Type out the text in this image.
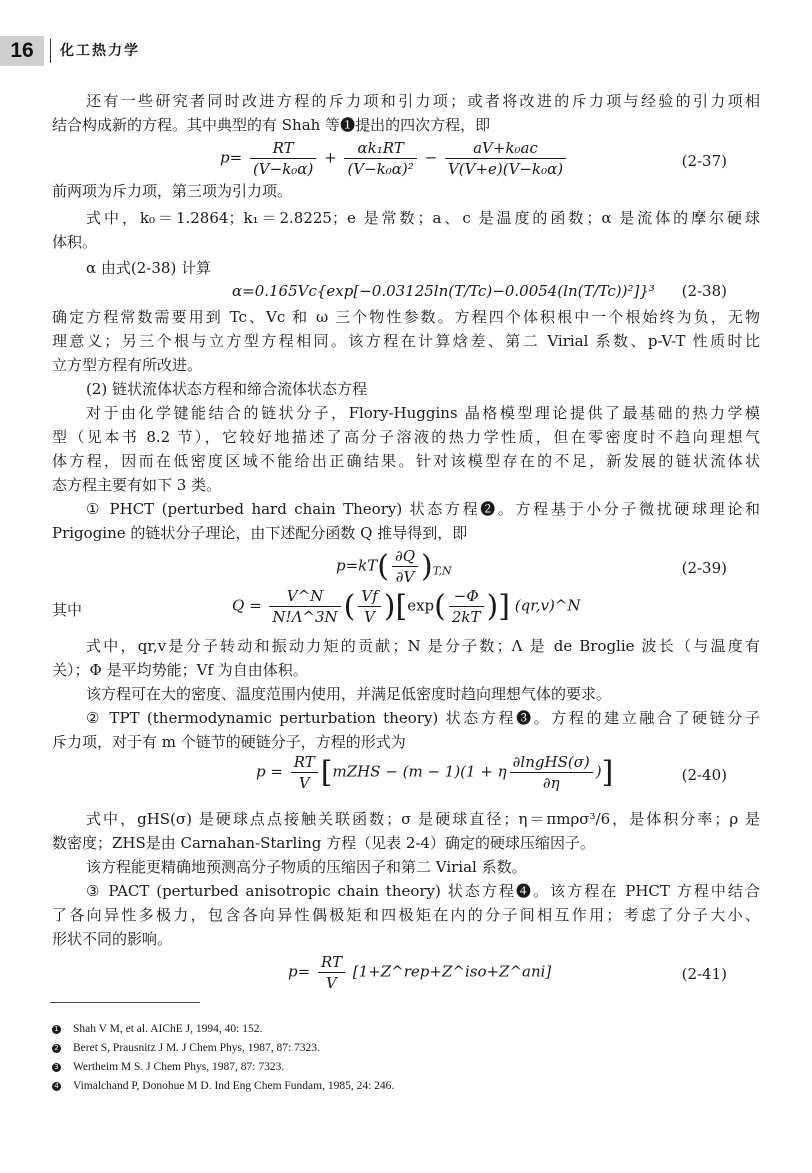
16	化工热力学
还有一些研究者同时改进方程的斥力项和引力项；或者将改进的斥力项与经验的引力项相
结合构成新的方程。其中典型的有 Shah 等❶提出的四次方程，即
前两项为斥力项，第三项为引力项。
式中，k₀＝1.2864；k₁＝2.8225；e 是常数；a、c 是温度的函数；α 是流体的摩尔硬球
体积。
α 由式(2-38) 计算
确定方程常数需要用到 Tc、Vc 和 ω 三个物性参数。方程四个体积根中一个根始终为负，无物
理意义；另三个根与立方型方程相同。该方程在计算焓差、第二 Virial 系数、p-V-T 性质时比
立方型方程有所改进。
(2) 链状流体状态方程和缔合流体状态方程
对于由化学键能结合的链状分子，Flory-Huggins 晶格模型理论提供了最基础的热力学模
型（见本书 8.2 节），它较好地描述了高分子溶液的热力学性质，但在零密度时不趋向理想气
体方程，因而在低密度区域不能给出正确结果。针对该模型存在的不足，新发展的链状流体状
态方程主要有如下 3 类。
① PHCT (perturbed hard chain Theory) 状态方程❷。方程基于小分子微扰硬球理论和
Prigogine 的链状分子理论，由下述配分函数 Q 推导得到，即
其中
式中，qr,v是分子转动和振动力矩的贡献；N 是分子数；Λ 是 de Broglie 波长（与温度有
关）；Φ 是平均势能；Vf 为自由体积。
该方程可在大的密度、温度范围内使用，并满足低密度时趋向理想气体的要求。
② TPT (thermodynamic perturbation theory) 状态方程❸。方程的建立融合了硬链分子
斥力项，对于有 m 个链节的硬链分子，方程的形式为
式中，gHS(σ) 是硬球点点接触关联函数；σ 是硬球直径；η＝πmρσ³/6，是体积分率；ρ 是
数密度；ZHS是由 Carnahan-Starling 方程（见表 2-4）确定的硬球压缩因子。
该方程能更精确地预测高分子物质的压缩因子和第二 Virial 系数。
③ PACT (perturbed anisotropic chain theory) 状态方程❹。该方程在 PHCT 方程中结合
了各向异性多极力，包含各向异性偶极矩和四极矩在内的分子间相互作用；考虑了分子大小、
形状不同的影响。
$p= \frac{RT}{\text{(V−k₀α)}} + \frac{\text{αk₁RT}}{\text{(V−k₀α)²}} - \frac{\text{aV+k₀ac}}{\text{V(V+e)(V−k₀α)}}$	(2-37)
α=0.165Vc{exp[−0.03125ln(T/Tc)−0.0054(ln(T/Tc))²]}³ (2-38)
$p=kT( \frac{\partial Q}{\partial V} )_{T,N}$	(2-39)
$Q = \frac{V\^{}N}{N!\Lambda\^{}3N}$ ( $\frac{Vf}{V} )[\exp( \frac{-\Phi}{2kT}$ )] (qr,v)^N
$p = \frac{RT}{V}$ [mZHS − (m − 1)(1 + η $\frac{\text{∂lngHS(σ)}}{\partial\eta}$ )]	(2-40)
$p= \frac{RT}{V}$ [1+Z^rep+Z^iso+Z^ani]	(2-41)
1 Shah V M, et al. AIChE J, 1994, 40: 152.
2 Beret S, Prausnitz J M. J Chem Phys, 1987, 87: 7323.
3 Wertheim M S. J Chem Phys, 1987, 87: 7323.
4 Vimalchand P, Donohue M D. Ind Eng Chem Fundam, 1985, 24: 246.
